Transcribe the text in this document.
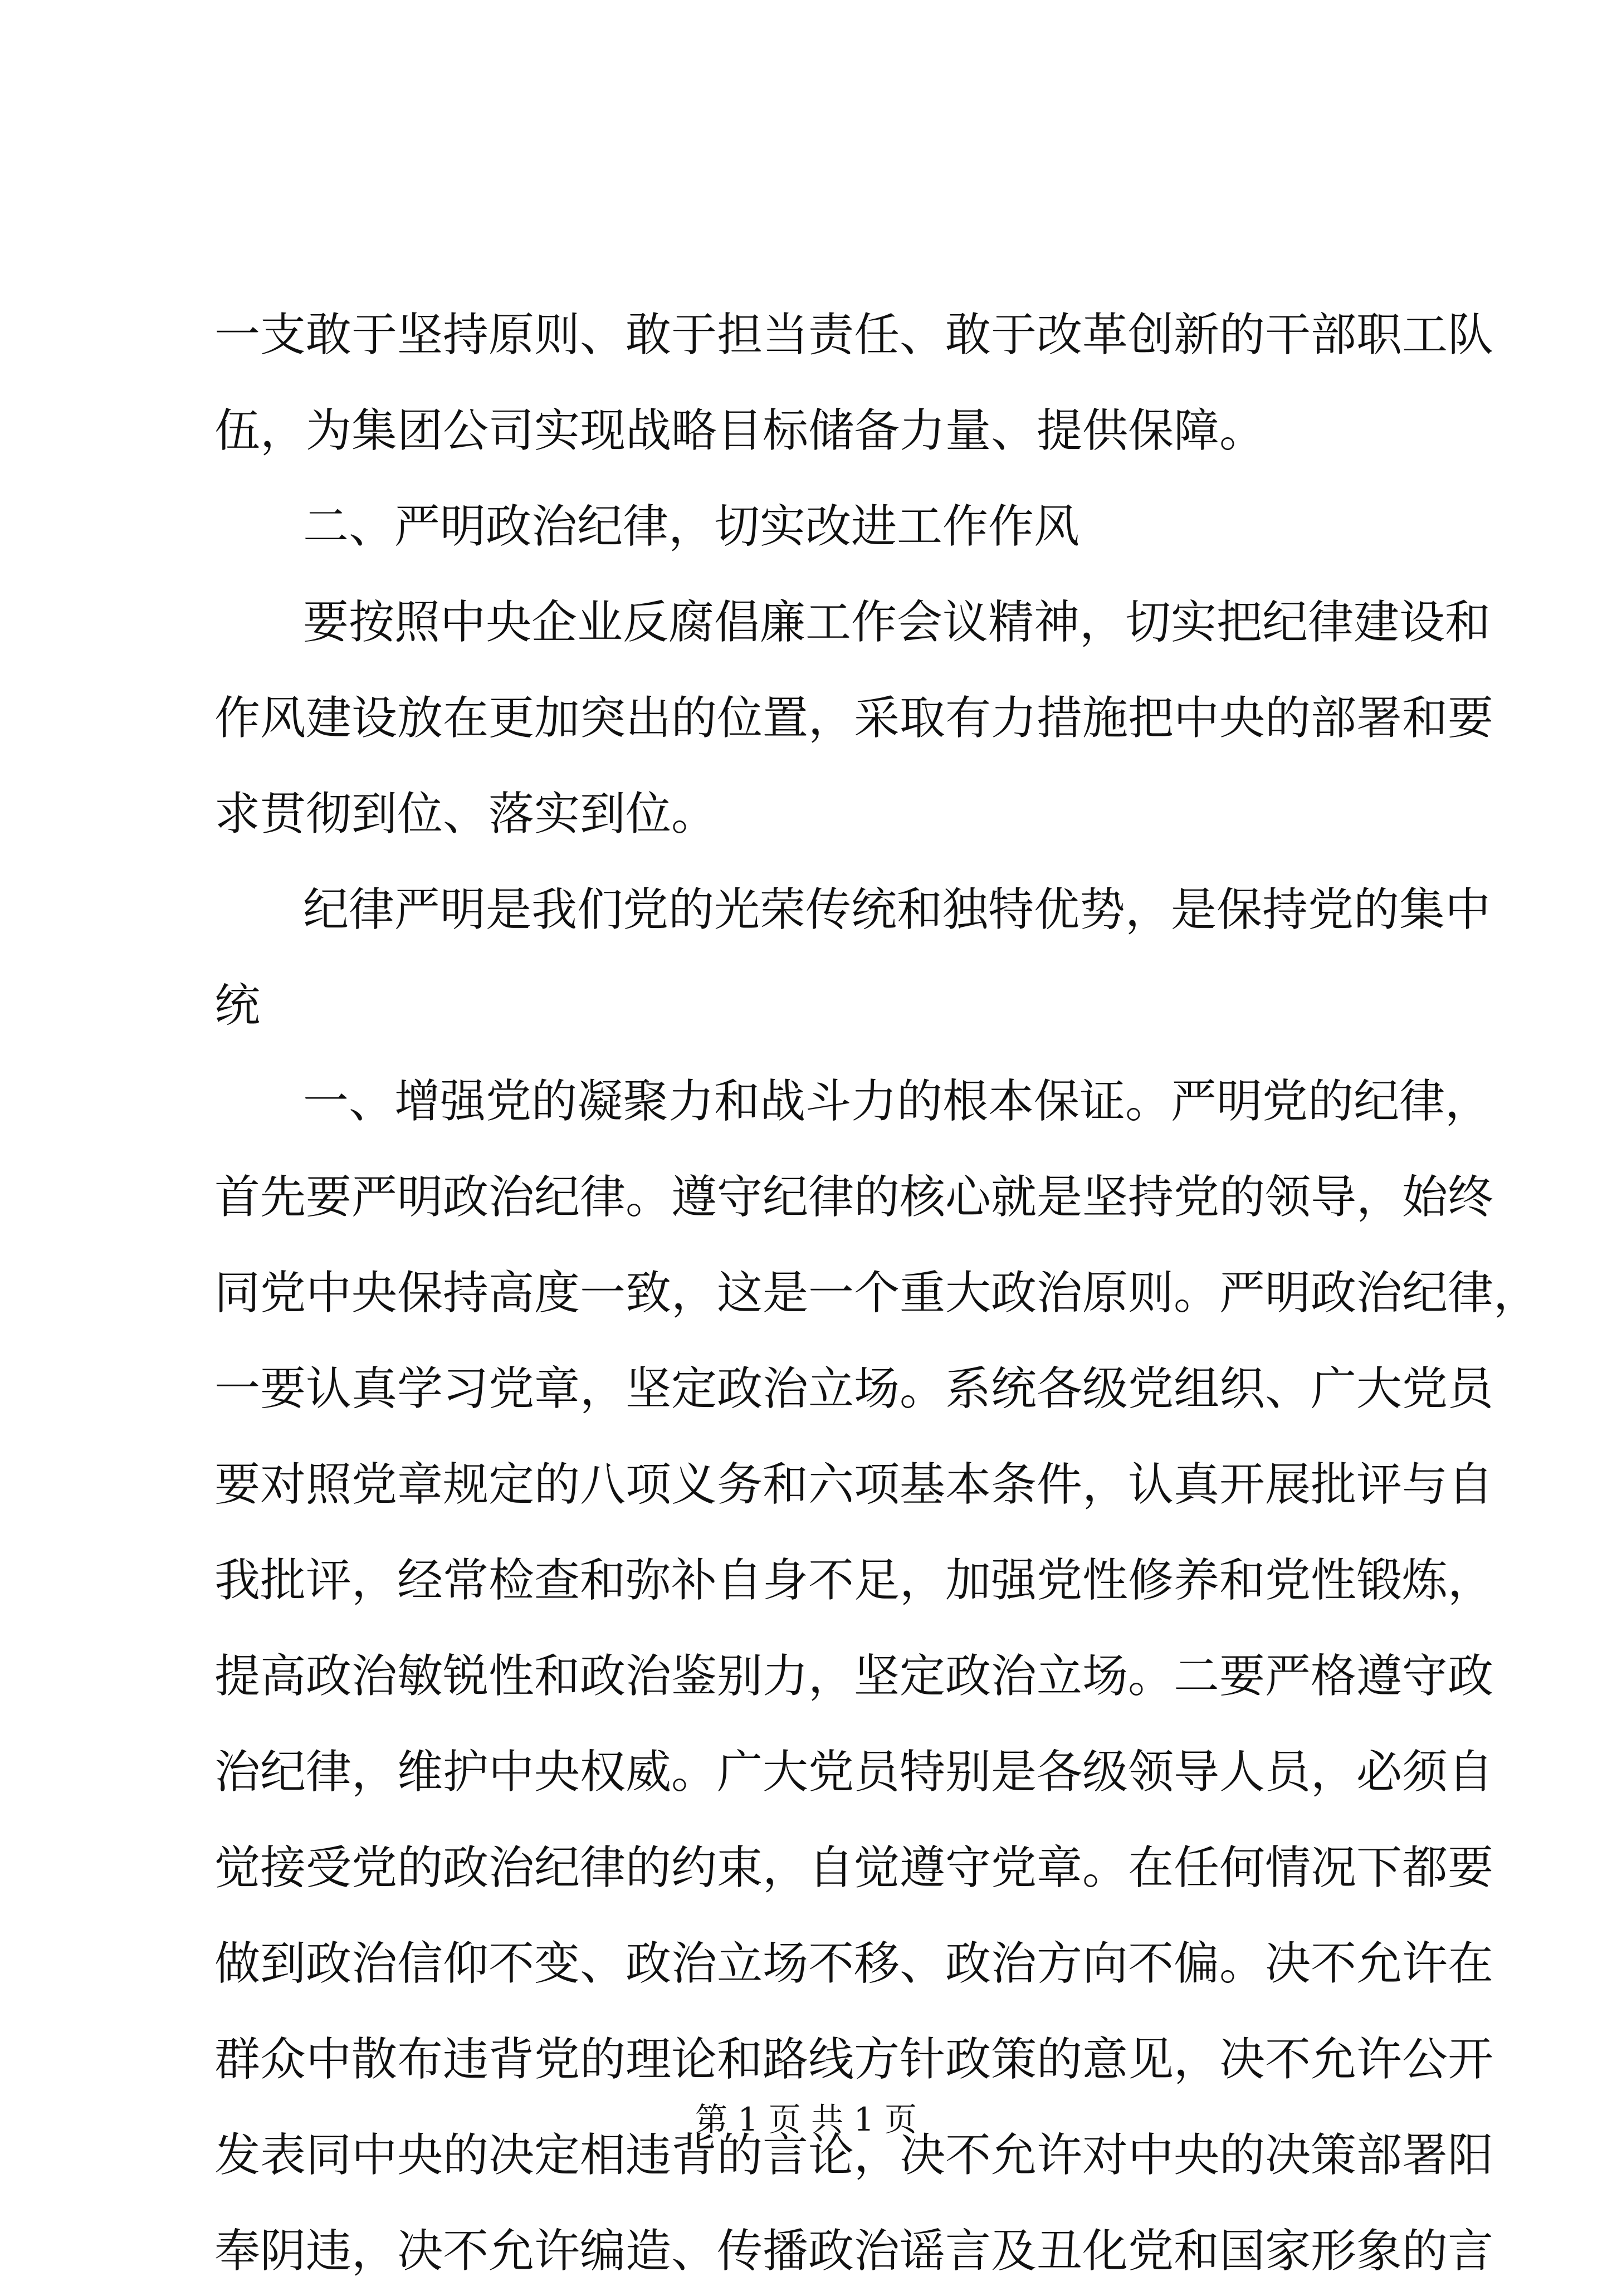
一支敢于坚持原则、敢于担当责任、敢于改革创新的干部职工队
伍，为集团公司实现战略目标储备力量、提供保障。
二、严明政治纪律，切实改进工作作风
要按照中央企业反腐倡廉工作会议精神，切实把纪律建设和
作风建设放在更加突出的位置，采取有力措施把中央的部署和要
求贯彻到位、落实到位。
纪律严明是我们党的光荣传统和独特优势，是保持党的集中
统
一、增强党的凝聚力和战斗力的根本保证。严明党的纪律，
首先要严明政治纪律。遵守纪律的核心就是坚持党的领导，始终
同党中央保持高度一致，这是一个重大政治原则。严明政治纪律，
一要认真学习党章，坚定政治立场。系统各级党组织、广大党员
要对照党章规定的八项义务和六项基本条件，认真开展批评与自
我批评，经常检查和弥补自身不足，加强党性修养和党性锻炼，
提高政治敏锐性和政治鉴别力，坚定政治立场。二要严格遵守政
治纪律，维护中央权威。广大党员特别是各级领导人员，必须自
觉接受党的政治纪律的约束，自觉遵守党章。在任何情况下都要
做到政治信仰不变、政治立场不移、政治方向不偏。决不允许在
群众中散布违背党的理论和路线方针政策的意见，决不允许公开
发表同中央的决定相违背的言论，决不允许对中央的决策部署阳
奉阴违，决不允许编造、传播政治谣言及丑化党和国家形象的言
第 1 页 共 1 页
